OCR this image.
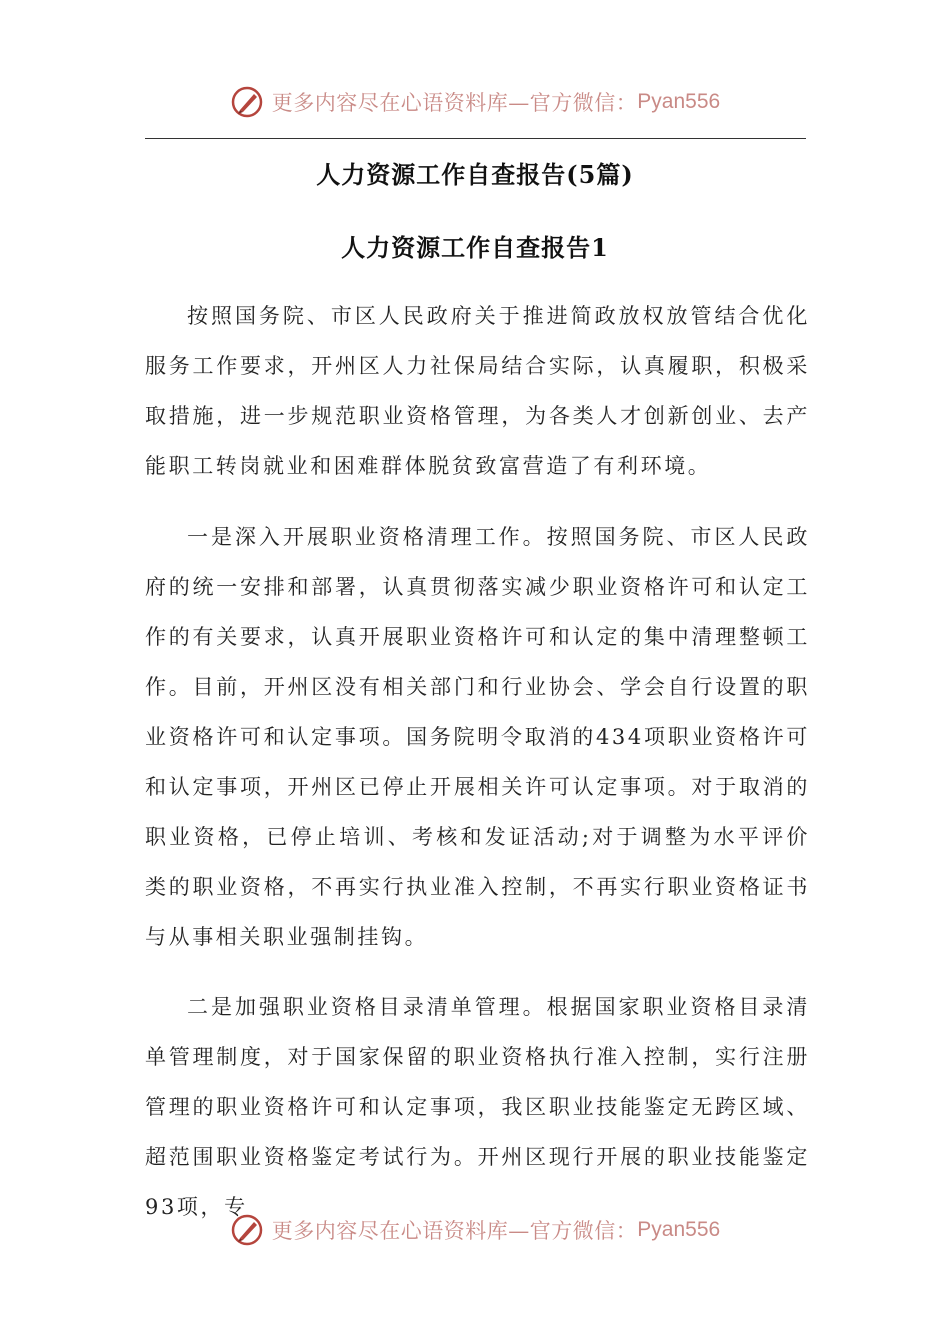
更多内容尽在心语资料库—官方微信： Pyan556
人力资源工作自查报告(5篇)
人力资源工作自查报告1

按照国务院、市区人民政府关于推进简政放权放管结合优化服务工作要求，开州区人力社保局结合实际，认真履职，积极采取措施，进一步规范职业资格管理，为各类人才创新创业、去产能职工转岗就业和困难群体脱贫致富营造了有利环境。

一是深入开展职业资格清理工作。按照国务院、市区人民政府的统一安排和部署，认真贯彻落实减少职业资格许可和认定工作的有关要求，认真开展职业资格许可和认定的集中清理整顿工作。目前，开州区没有相关部门和行业协会、学会自行设置的职业资格许可和认定事项。国务院明令取消的434项职业资格许可和认定事项，开州区已停止开展相关许可认定事项。对于取消的职业资格，已停止培训、考核和发证活动;对于调整为水平评价类的职业资格，不再实行执业准入控制，不再实行职业资格证书与从事相关职业强制挂钩。

二是加强职业资格目录清单管理。根据国家职业资格目录清单管理制度，对于国家保留的职业资格执行准入控制，实行注册管理的职业资格许可和认定事项，我区职业技能鉴定无跨区域、超范围职业资格鉴定考试行为。开州区现行开展的职业技能鉴定93项，专

更多内容尽在心语资料库—官方微信： Pyan556
